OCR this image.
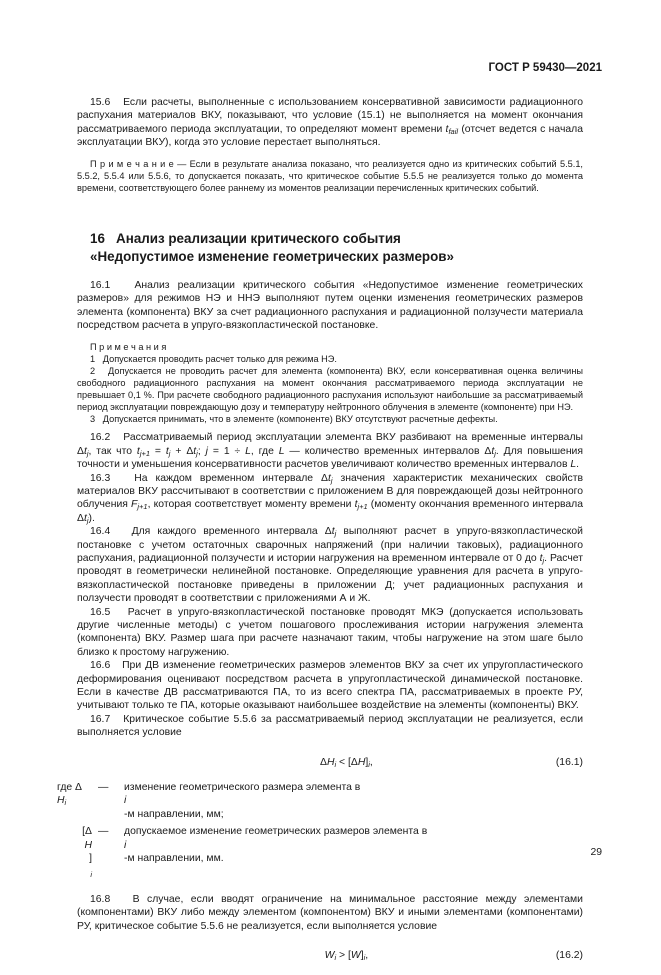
ГОСТ Р 59430—2021

15.6 Если расчеты, выполненные с использованием консервативной зависимости радиационного распухания материалов ВКУ, показывают, что условие (15.1) не выполняется на момент окончания рассматриваемого периода эксплуатации, то определяют момент времени $t_{fail}$ (отсчет ведется с начала эксплуатации ВКУ), когда это условие перестает выполняться.

П р и м е ч а н и е — Если в результате анализа показано, что реализуется одно из критических событий 5.5.1, 5.5.2, 5.5.4 или 5.5.6, то допускается показать, что критическое событие 5.5.5 не реализуется только до момента времени, соответствующего более раннему из моментов реализации перечисленных критических событий.

16   Анализ реализации критического события
«Недопустимое изменение геометрических размеров»

16.1 Анализ реализации критического события «Недопустимое изменение геометрических размеров» для режимов НЭ и ННЭ выполняют путем оценки изменения геометрических размеров элемента (компонента) ВКУ за счет радиационного распухания и радиационной ползучести материала посредством расчета в упруго-вязкопластической постановке.

П р и м е ч а н и я

1   Допускается проводить расчет только для режима НЭ.

2   Допускается не проводить расчет для элемента (компонента) ВКУ, если консервативная оценка величины свободного радиационного распухания на момент окончания рассматриваемого периода эксплуатации не превышает 0,1 %. При расчете свободного радиационного распухания используют наибольшие за рассматриваемый период эксплуатации повреждающую дозу и температуру нейтронного облучения в элементе (компоненте) при НЭ.

3   Допускается принимать, что в элементе (компоненте) ВКУ отсутствуют расчетные дефекты.

16.2 Рассматриваемый период эксплуатации элемента ВКУ разбивают на временные интервалы $\Delta t_j$, так что $t_{j+1} = t_j + \Delta t_j$; j = 1 ÷ L, где L — количество временных интервалов $\Delta t_j$. Для повышения точности и уменьшения консервативности расчетов увеличивают количество временных интервалов L.

16.3 На каждом временном интервале $\Delta t_j$ значения характеристик механических свойств материалов ВКУ рассчитывают в соответствии с приложением В для повреждающей дозы нейтронного облучения $F_{j+1}$, которая соответствует моменту времени $t_{j+1}$ (моменту окончания временного интервала $\Delta t_j$).

16.4 Для каждого временного интервала $\Delta t_j$ выполняют расчет в упруго-вязкопластической постановке с учетом остаточных сварочных напряжений (при наличии таковых), радиационного распухания, радиационной ползучести и истории нагружения на временном интервале от 0 до $t_j$. Расчет проводят в геометрически нелинейной постановке. Определяющие уравнения для расчета в упруго-вязкопластической постановке приведены в приложении Д; учет радиационных распухания и ползучести проводят в соответствии с приложениями А и Ж.

16.5 Расчет в упруго-вязкопластической постановке проводят МКЭ (допускается использовать другие численные методы) с учетом пошагового прослеживания истории нагружения элемента (компонента) ВКУ. Размер шага при расчете назначают таким, чтобы нагружение на этом шаге было близко к простому нагружению.

16.6 При ДВ изменение геометрических размеров элементов ВКУ за счет их упругопластического деформирования оценивают посредством расчета в упругопластической динамической постановке. Если в качестве ДВ рассматриваются ПА, то из всего спектра ПА, рассматриваемых в проекте РУ, учитывают только те ПА, которые оказывают наибольшее воздействие на элементы (компоненты) ВКУ.

16.7 Критическое событие 5.5.6 за рассматриваемый период эксплуатации не реализуется, если выполняется условие

$\Delta H_i < [\Delta H]_i$,	(16.1)
где Δ
$H_i$
—	изменение геометрического размера элемента в
i
-м направлении, мм;
[Δ
H
]
$_i$
—	допускаемое изменение геометрических размеров элемента в
i
-м направлении, мм.

16.8 В случае, если вводят ограничение на минимальное расстояние между элементами (компонентами) ВКУ либо между элементом (компонентом) ВКУ и иными элементами (компонентами) РУ, критическое событие 5.5.6 не реализуется, если выполняется условие

$W_i > [W]_i$,	(16.2)
29
